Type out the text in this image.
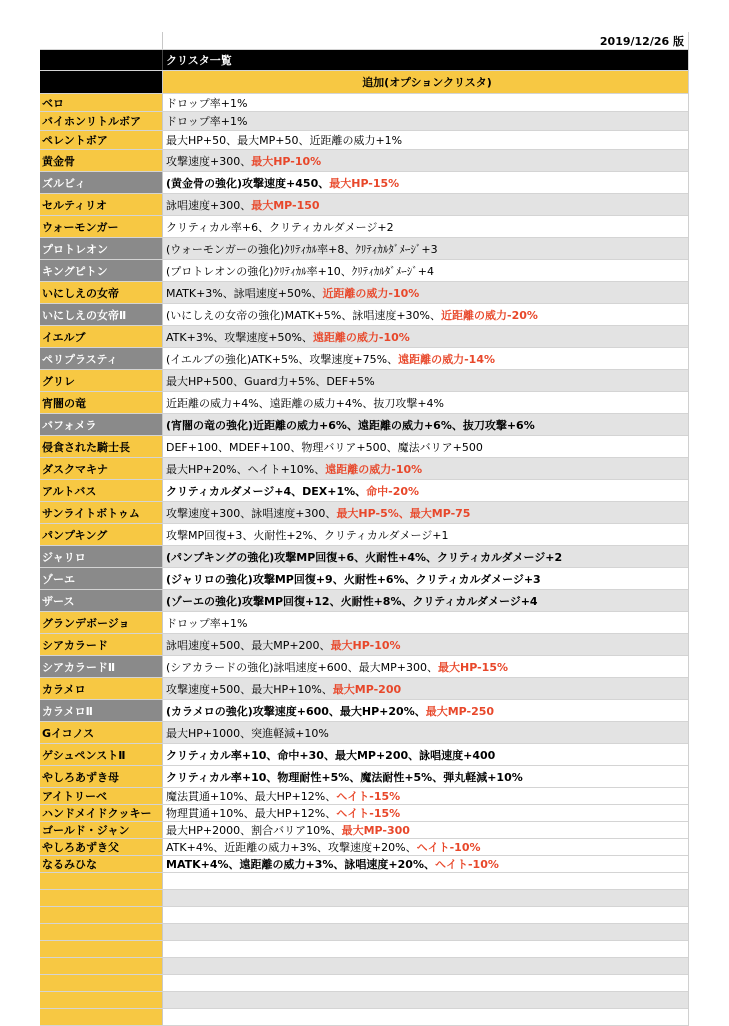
2019/12/26 版
クリスタ一覧
追加(オプションクリスタ)
ベロ	ドロップ率+1%
バイホンリトルボア	ドロップ率+1%
ペレントボア	最大HP+50、最大MP+50、近距離の威力+1%
黄金骨	攻撃速度+300、 最大HP-10%
ズルビィ	(黄金骨の強化)攻撃速度+450、 最大HP-15%
セルティリオ	詠唱速度+300、 最大MP-150
ウォーモンガー	クリティカル率+6、クリティカルダメージ+2
プロトレオン	(ウォーモンガーの強化)ｸﾘﾃｨｶﾙ率+8、ｸﾘﾃｨｶﾙﾀﾞﾒｰｼﾞ+3
キングピトン	(プロトレオンの強化)ｸﾘﾃｨｶﾙ率+10、ｸﾘﾃｨｶﾙﾀﾞﾒｰｼﾞ+4
いにしえの女帝	MATK+3%、詠唱速度+50%、 近距離の威力-10%
いにしえの女帝Ⅱ	(いにしえの女帝の強化)MATK+5%、詠唱速度+30%、 近距離の威力-20%
イエルブ	ATK+3%、攻撃速度+50%、 遠距離の威力-10%
ペリプラスティ	(イエルブの強化)ATK+5%、攻撃速度+75%、 遠距離の威力-14%
グリレ	最大HP+500、Guard力+5%、DEF+5%
宵闇の竜	近距離の威力+4%、遠距離の威力+4%、抜刀攻撃+4%
バフォメラ	(宵闇の竜の強化)近距離の威力+6%、遠距離の威力+6%、抜刀攻撃+6%
侵食された騎士長	DEF+100、MDEF+100、物理バリア+500、魔法バリア+500
ダスクマキナ	最大HP+20%、ヘイト+10%、 遠距離の威力-10%
アルトバス	クリティカルダメージ+4、DEX+1%、 命中-20%
サンライトボトゥム	攻撃速度+300、詠唱速度+300、 最大HP-5%、最大MP-75
パンプキング	攻撃MP回復+3、火耐性+2%、クリティカルダメージ+1
ジャリロ	(パンプキングの強化)攻撃MP回復+6、火耐性+4%、クリティカルダメージ+2
ゾーエ	(ジャリロの強化)攻撃MP回復+9、火耐性+6%、クリティカルダメージ+3
ザース	(ゾーエの強化)攻撃MP回復+12、火耐性+8%、クリティカルダメージ+4
グランデボージョ	ドロップ率+1%
シアカラード	詠唱速度+500、最大MP+200、 最大HP-10%
シアカラードⅡ	(シアカラードの強化)詠唱速度+600、最大MP+300、 最大HP-15%
カラメロ	攻撃速度+500、最大HP+10%、 最大MP-200
カラメロⅡ	(カラメロの強化)攻撃速度+600、最大HP+20%、 最大MP-250
Gイコノス	最大HP+1000、突進軽減+10%
ゲシュペンストⅡ	クリティカル率+10、命中+30、最大MP+200、詠唱速度+400
やしろあずき母	クリティカル率+10、物理耐性+5%、魔法耐性+5%、弾丸軽減+10%
アイトリーベ	魔法貫通+10%、最大HP+12%、 ヘイト-15%
ハンドメイドクッキー	物理貫通+10%、最大HP+12%、 ヘイト-15%
ゴールド・ジャン	最大HP+2000、割合バリア10%、 最大MP-300
やしろあずき父	ATK+4%、近距離の威力+3%、攻撃速度+20%、 ヘイト-10%
なるみひな	MATK+4%、遠距離の威力+3%、詠唱速度+20%、 ヘイト-10%
